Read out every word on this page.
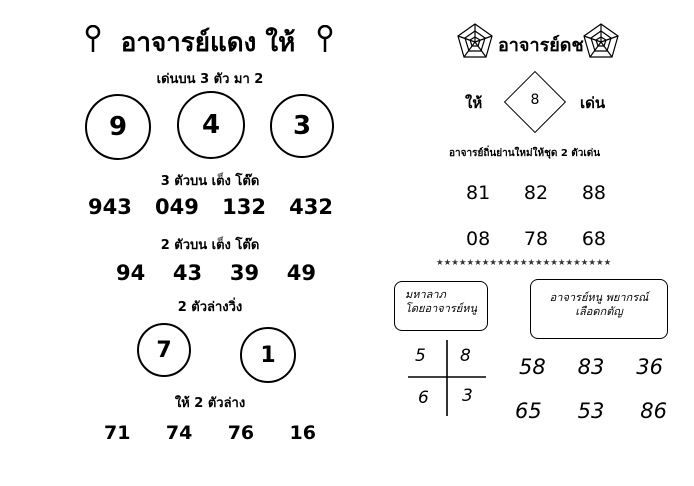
อาจารย์แดง ให้
เด่นบน 3 ตัว มา 2
9	4	3
3 ตัวบน เต็ง โต๊ด
943 049 132 432
2 ตัวบน เต็ง โต๊ด
94 43 39 49
2 ตัวล่างวิ่ง
7	1
ให้ 2 ตัวล่าง
71 74 76 16
อาจารย์ดช
ให้	8	เด่น
อาจารย์ถิ่นย่านใหม่ให้ชุด 2 ตัวเด่น
81 82 88
08 78 68
★★★★★★★★★★★★★★★★★★★★★★★
มหาลาภ
โดยอาจารย์หนู
อาจารย์หนู พยากรณ์
เลือดกตัญ
5 8
6 3
58 83 36
65 53 86
